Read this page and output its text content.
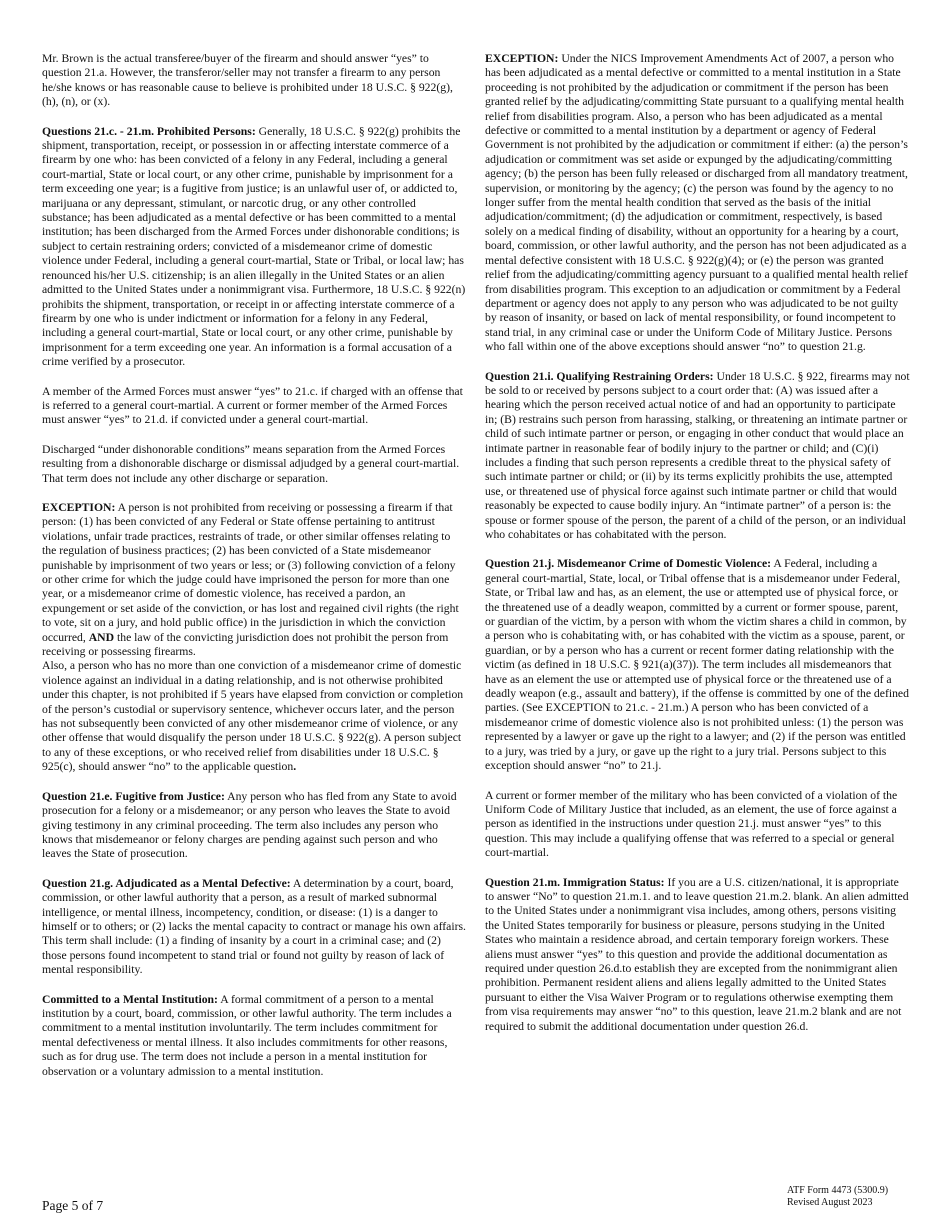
Mr. Brown is the actual transferee/buyer of the firearm and should answer “yes” to question 21.a. However, the transferor/seller may not transfer a firearm to any person he/she knows or has reasonable cause to believe is prohibited under 18 U.S.C. § 922(g), (h), (n), or (x).

Questions 21.c. - 21.m. Prohibited Persons: Generally, 18 U.S.C. § 922(g) prohibits the shipment, transportation, receipt, or possession in or affecting interstate commerce of a firearm by one who: has been convicted of a felony in any Federal, including a general court-martial, State or local court, or any other crime, punishable by imprisonment for a term exceeding one year; is a fugitive from justice; is an unlawful user of, or addicted to, marijuana or any depressant, stimulant, or narcotic drug, or any other controlled substance; has been adjudicated as a mental defective or has been committed to a mental institution; has been discharged from the Armed Forces under dishonorable conditions; is subject to certain restraining orders; convicted of a misdemeanor crime of domestic violence under Federal, including a general court-martial, State or Tribal, or local law; has renounced his/her U.S. citizenship; is an alien illegally in the United States or an alien admitted to the United States under a nonimmigrant visa. Furthermore, 18 U.S.C. § 922(n) prohibits the shipment, transportation, or receipt in or affecting interstate commerce of a firearm by one who is under indictment or information for a felony in any Federal, including a general court-martial, State or local court, or any other crime, punishable by imprisonment for a term exceeding one year. An information is a formal accusation of a crime verified by a prosecutor.

A member of the Armed Forces must answer “yes” to 21.c. if charged with an offense that is referred to a general court-martial. A current or former member of the Armed Forces must answer “yes” to 21.d. if convicted under a general court-martial.

Discharged “under dishonorable conditions” means separation from the Armed Forces resulting from a dishonorable discharge or dismissal adjudged by a general court-martial. That term does not include any other discharge or separation.

EXCEPTION: A person is not prohibited from receiving or possessing a firearm if that person: (1) has been convicted of any Federal or State offense pertaining to antitrust violations, unfair trade practices, restraints of trade, or other similar offenses relating to the regulation of business practices; (2) has been convicted of a State misdemeanor punishable by imprisonment of two years or less; or (3) following conviction of a felony or other crime for which the judge could have imprisoned the person for more than one year, or a misdemeanor crime of domestic violence, has received a pardon, an expungement or set aside of the conviction, or has lost and regained civil rights (the right to vote, sit on a jury, and hold public office) in the jurisdiction in which the conviction occurred, AND the law of the convicting jurisdiction does not prohibit the person from receiving or possessing firearms.

Also, a person who has no more than one conviction of a misdemeanor crime of domestic violence against an individual in a dating relationship, and is not otherwise prohibited under this chapter, is not prohibited if 5 years have elapsed from conviction or completion of the person’s custodial or supervisory sentence, whichever occurs later, and the person has not subsequently been convicted of any other misdemeanor crime of violence, or any other offense that would disqualify the person under 18 U.S.C. § 922(g). A person subject to any of these exceptions, or who received relief from disabilities under 18 U.S.C. § 925(c), should answer “no” to the applicable question.

Question 21.e. Fugitive from Justice: Any person who has fled from any State to avoid prosecution for a felony or a misdemeanor; or any person who leaves the State to avoid giving testimony in any criminal proceeding. The term also includes any person who knows that misdemeanor or felony charges are pending against such person and who leaves the State of prosecution.

Question 21.g. Adjudicated as a Mental Defective: A determination by a court, board, commission, or other lawful authority that a person, as a result of marked subnormal intelligence, or mental illness, incompetency, condition, or disease: (1) is a danger to himself or to others; or (2) lacks the mental capacity to contract or manage his own affairs. This term shall include: (1) a finding of insanity by a court in a criminal case; and (2) those persons found incompetent to stand trial or found not guilty by reason of lack of mental responsibility.

Committed to a Mental Institution: A formal commitment of a person to a mental institution by a court, board, commission, or other lawful authority. The term includes a commitment to a mental institution involuntarily. The term includes commitment for mental defectiveness or mental illness. It also includes commitments for other reasons, such as for drug use. The term does not include a person in a mental institution for observation or a voluntary admission to a mental institution.

EXCEPTION: Under the NICS Improvement Amendments Act of 2007, a person who has been adjudicated as a mental defective or committed to a mental institution in a State proceeding is not prohibited by the adjudication or commitment if the person has been granted relief by the adjudicating/committing State pursuant to a qualifying mental health relief from disabilities program. Also, a person who has been adjudicated as a mental defective or committed to a mental institution by a department or agency of Federal Government is not prohibited by the adjudication or commitment if either: (a) the person’s adjudication or commitment was set aside or expunged by the adjudicating/committing agency; (b) the person has been fully released or discharged from all mandatory treatment, supervision, or monitoring by the agency; (c) the person was found by the agency to no longer suffer from the mental health condition that served as the basis of the initial adjudication/commitment; (d) the adjudication or commitment, respectively, is based solely on a medical finding of disability, without an opportunity for a hearing by a court, board, commission, or other lawful authority, and the person has not been adjudicated as a mental defective consistent with 18 U.S.C. § 922(g)(4); or (e) the person was granted relief from the adjudicating/committing agency pursuant to a qualified mental health relief from disabilities program. This exception to an adjudication or commitment by a Federal department or agency does not apply to any person who was adjudicated to be not guilty by reason of insanity, or based on lack of mental responsibility, or found incompetent to stand trial, in any criminal case or under the Uniform Code of Military Justice. Persons who fall within one of the above exceptions should answer “no” to question 21.g.

Question 21.i. Qualifying Restraining Orders: Under 18 U.S.C. § 922, firearms may not be sold to or received by persons subject to a court order that: (A) was issued after a hearing which the person received actual notice of and had an opportunity to participate in; (B) restrains such person from harassing, stalking, or threatening an intimate partner or child of such intimate partner or person, or engaging in other conduct that would place an intimate partner in reasonable fear of bodily injury to the partner or child; and (C)(i) includes a finding that such person represents a credible threat to the physical safety of such intimate partner or child; or (ii) by its terms explicitly prohibits the use, attempted use, or threatened use of physical force against such intimate partner or child that would reasonably be expected to cause bodily injury. An “intimate partner” of a person is: the spouse or former spouse of the person, the parent of a child of the person, or an individual who cohabitates or has cohabitated with the person.

Question 21.j. Misdemeanor Crime of Domestic Violence: A Federal, including a general court-martial, State, local, or Tribal offense that is a misdemeanor under Federal, State, or Tribal law and has, as an element, the use or attempted use of physical force, or the threatened use of a deadly weapon, committed by a current or former spouse, parent, or guardian of the victim, by a person with whom the victim shares a child in common, by a person who is cohabitating with, or has cohabited with the victim as a spouse, parent, or guardian, or by a person who has a current or recent former dating relationship with the victim (as defined in 18 U.S.C. § 921(a)(37)). The term includes all misdemeanors that have as an element the use or attempted use of physical force or the threatened use of a deadly weapon (e.g., assault and battery), if the offense is committed by one of the defined parties. (See EXCEPTION to 21.c. - 21.m.) A person who has been convicted of a misdemeanor crime of domestic violence also is not prohibited unless: (1) the person was represented by a lawyer or gave up the right to a lawyer; and (2) if the person was entitled to a jury, was tried by a jury, or gave up the right to a jury trial. Persons subject to this exception should answer “no” to 21.j.

A current or former member of the military who has been convicted of a violation of the Uniform Code of Military Justice that included, as an element, the use of force against a person as identified in the instructions under question 21.j. must answer “yes” to this question. This may include a qualifying offense that was referred to a special or general court-martial.

Question 21.m. Immigration Status: If you are a U.S. citizen/national, it is appropriate to answer “No” to question 21.m.1. and to leave question 21.m.2. blank. An alien admitted to the United States under a nonimmigrant visa includes, among others, persons visiting the United States temporarily for business or pleasure, persons studying in the United States who maintain a residence abroad, and certain temporary foreign workers. These aliens must answer “yes” to this question and provide the additional documentation as required under question 26.d.to establish they are excepted from the nonimmigrant alien prohibition. Permanent resident aliens and aliens legally admitted to the United States pursuant to either the Visa Waiver Program or to regulations otherwise exempting them from visa requirements may answer “no” to this question, leave 21.m.2 blank and are not required to submit the additional documentation under question 26.d.

Page 5 of 7
ATF Form 4473 (5300.9)
Revised August 2023
